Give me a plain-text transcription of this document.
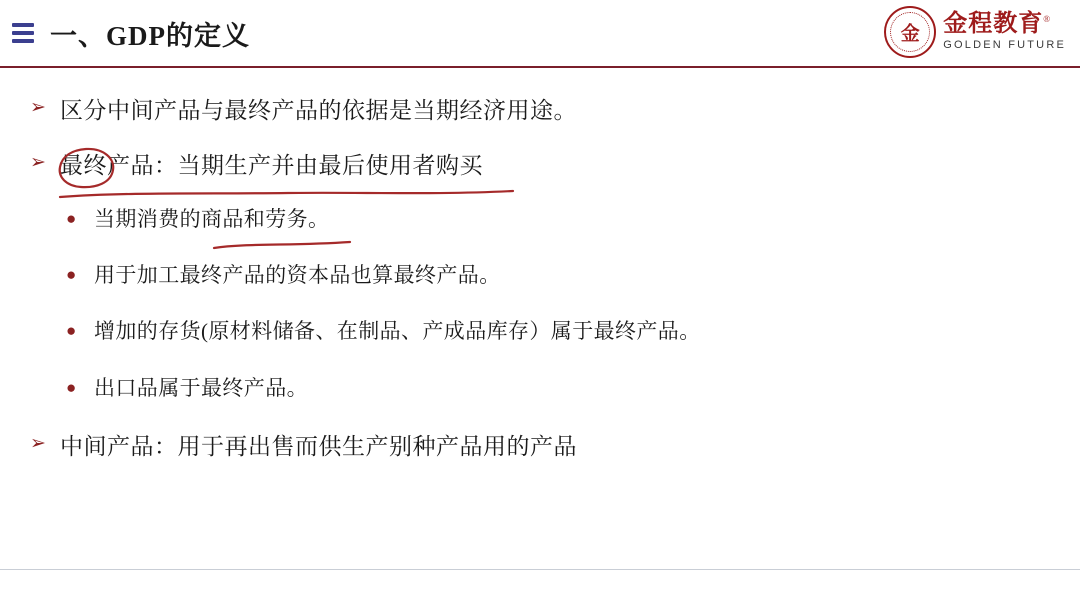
一、GDP的定义	金 金程教育®
GOLDEN FUTURE
➢ 区分中间产品与最终产品的依据是当期经济用途。
➢ 最终产品：当期生产并由最后使用者购买
● 当期消费的商品和劳务。
● 用于加工最终产品的资本品也算最终产品。
● 增加的存货(原材料储备、在制品、产成品库存）属于最终产品。
● 出口品属于最终产品。
➢ 中间产品：用于再出售而供生产别种产品用的产品
